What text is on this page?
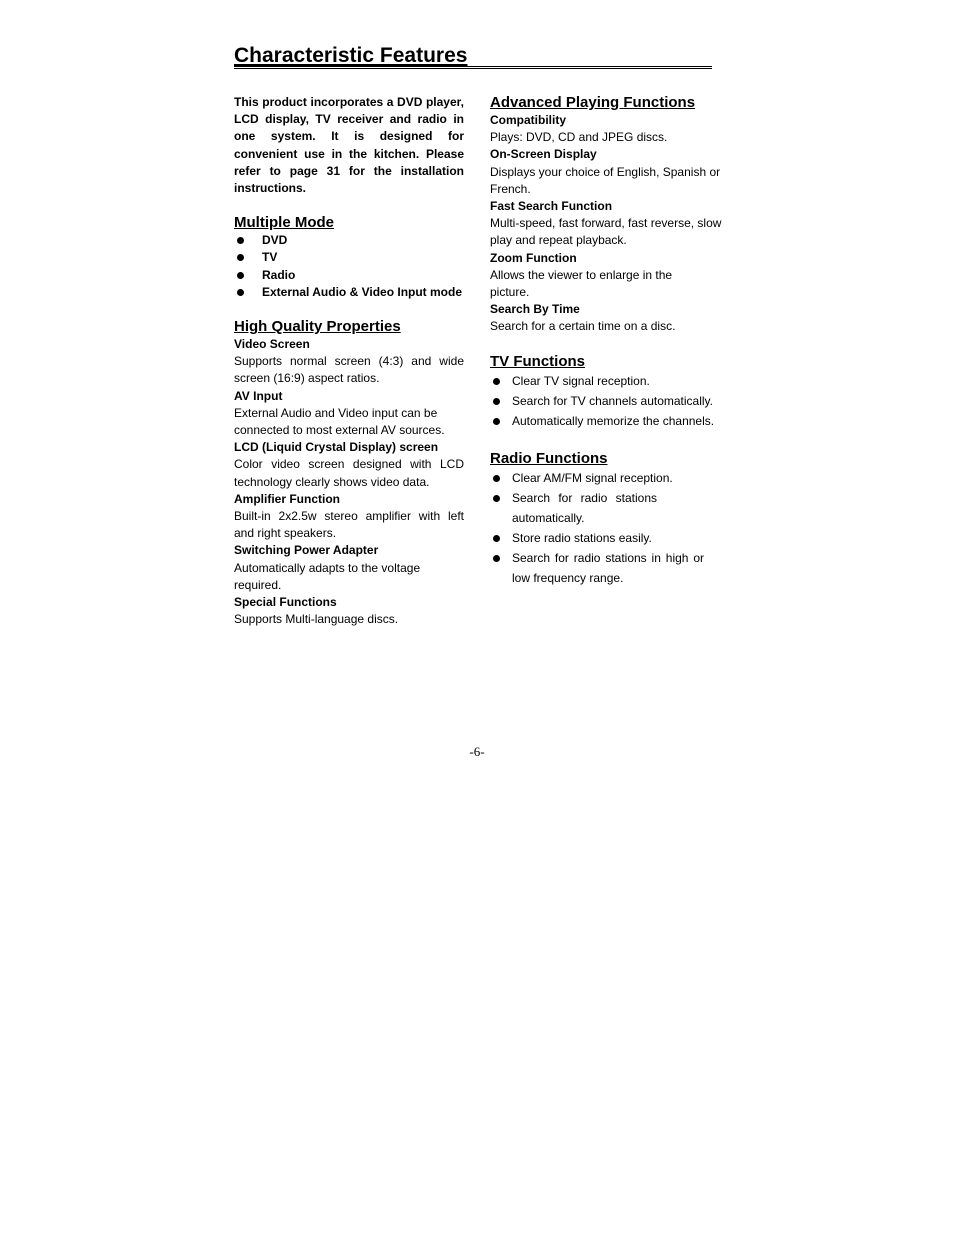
Characteristic Features

This product incorporates a DVD player, LCD display, TV receiver and radio in one system. It is designed for convenient use in the kitchen. Please refer to page 31 for the installation instructions.

Multiple Mode

DVD
TV
Radio
External Audio & Video Input mode

High Quality Properties

Video Screen

Supports normal screen (4:3) and wide screen (16:9) aspect ratios.

AV Input

External Audio and Video input can be connected to most external AV sources.

LCD (Liquid Crystal Display) screen

Color video screen designed with LCD technology clearly shows video data.

Amplifier Function

Built-in 2x2.5w stereo amplifier with left and right speakers.

Switching Power Adapter

Automatically adapts to the voltage required.

Special Functions

Supports Multi-language discs.

Advanced Playing Functions

Compatibility

Plays: DVD, CD and JPEG discs.

On-Screen Display

Displays your choice of English, Spanish or French.

Fast Search Function

Multi-speed, fast forward, fast reverse, slow play and repeat playback.

Zoom Function

Allows the viewer to enlarge in the picture.

Search By Time

Search for a certain time on a disc.

TV Functions

Clear TV signal reception.
Search for TV channels automatically.
Automatically memorize the channels.

Radio Functions

Clear AM/FM signal reception.
Search for radio stations automatically.
Store radio stations easily.
Search for radio stations in high or low frequency range.
-6-
